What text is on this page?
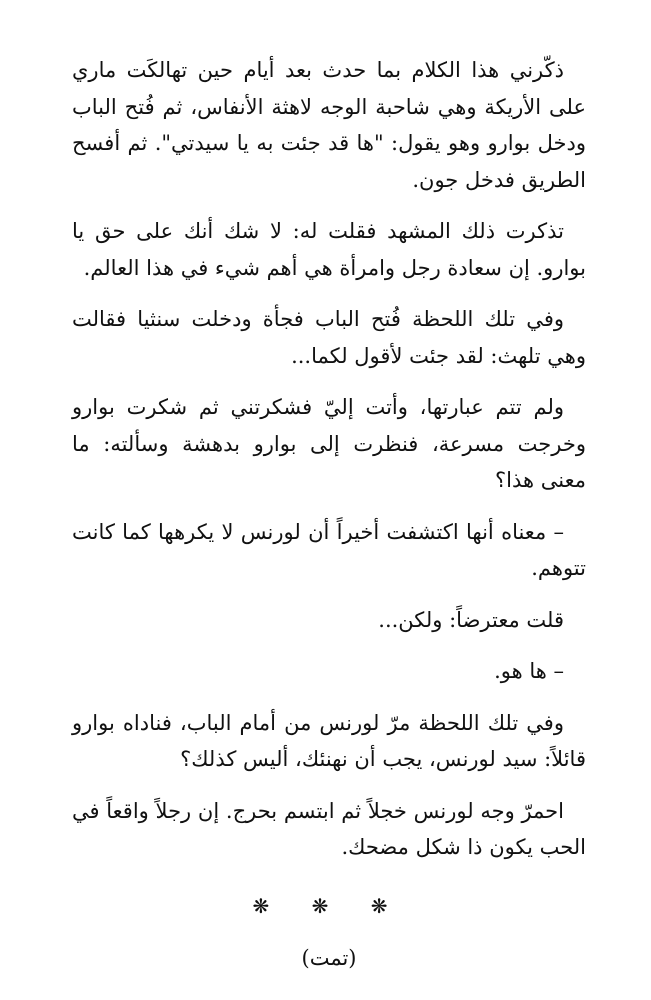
ذكّرني هذا الكلام بما حدث بعد أيام حين تهالكَت ماري على الأريكة وهي شاحبة الوجه لاهثة الأنفاس، ثم فُتح الباب ودخل بوارو وهو يقول: "ها قد جئت به يا سيدتي". ثم أفسح الطريق فدخل جون.

تذكرت ذلك المشهد فقلت له: لا شك أنك على حق يا بوارو. إن سعادة رجل وامرأة هي أهم شيء في هذا العالم.

وفي تلك اللحظة فُتح الباب فجأة ودخلت سنثيا فقالت وهي تلهث: لقد جئت لأقول لكما...

ولم تتم عبارتها، وأتت إليّ فشكرتني ثم شكرت بوارو وخرجت مسرعة، فنظرت إلى بوارو بدهشة وسألته: ما معنى هذا؟

– معناه أنها اكتشفت أخيراً أن لورنس لا يكرهها كما كانت تتوهم.

قلت معترضاً: ولكن...

– ها هو.

وفي تلك اللحظة مرّ لورنس من أمام الباب، فناداه بوارو قائلاً: سيد لورنس، يجب أن نهنئك، أليس كذلك؟

احمرّ وجه لورنس خجلاً ثم ابتسم بحرج. إن رجلاً واقعاً في الحب يكون ذا شكل مضحك.

❋ ❋ ❋

(تمت)
